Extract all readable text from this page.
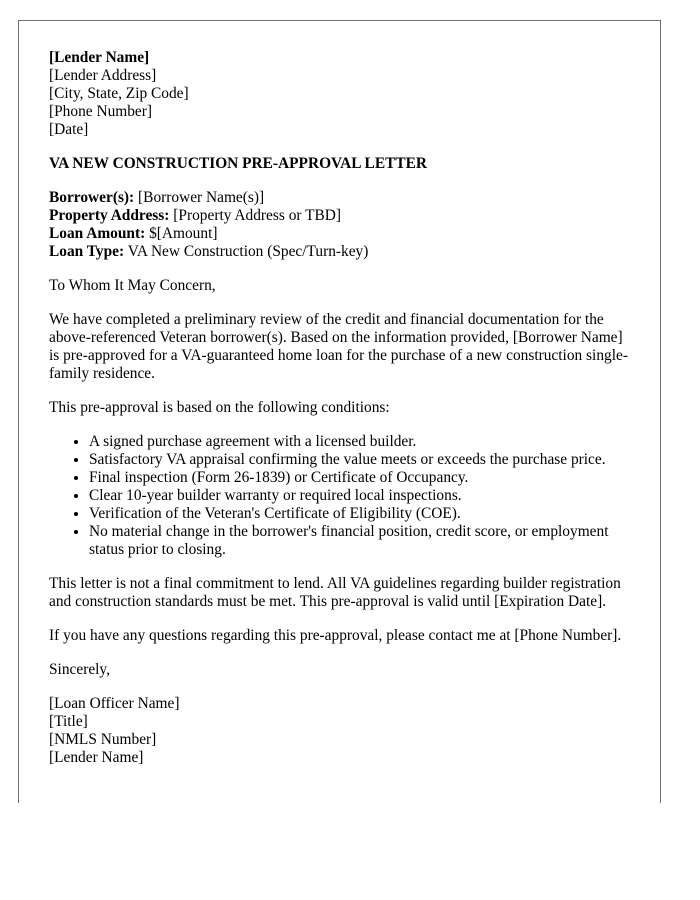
[Lender Name]
[Lender Address]
[City, State, Zip Code]
[Phone Number]
[Date]
VA NEW CONSTRUCTION PRE-APPROVAL LETTER
Borrower(s): [Borrower Name(s)]
Property Address: [Property Address or TBD]
Loan Amount: $[Amount]
Loan Type: VA New Construction (Spec/Turn-key)

To Whom It May Concern,

We have completed a preliminary review of the credit and financial documentation for the above-referenced Veteran borrower(s). Based on the information provided, [Borrower Name] is pre-approved for a VA-guaranteed home loan for the purchase of a new construction single-family residence.

This pre-approval is based on the following conditions:

• A signed purchase agreement with a licensed builder.
• Satisfactory VA appraisal confirming the value meets or exceeds the purchase price.
• Final inspection (Form 26-1839) or Certificate of Occupancy.
• Clear 10-year builder warranty or required local inspections.
• Verification of the Veteran's Certificate of Eligibility (COE).
• No material change in the borrower's financial position, credit score, or employment status prior to closing.

This letter is not a final commitment to lend. All VA guidelines regarding builder registration and construction standards must be met. This pre-approval is valid until [Expiration Date].

If you have any questions regarding this pre-approval, please contact me at [Phone Number].

Sincerely,

[Loan Officer Name]
[Title]
[NMLS Number]
[Lender Name]
